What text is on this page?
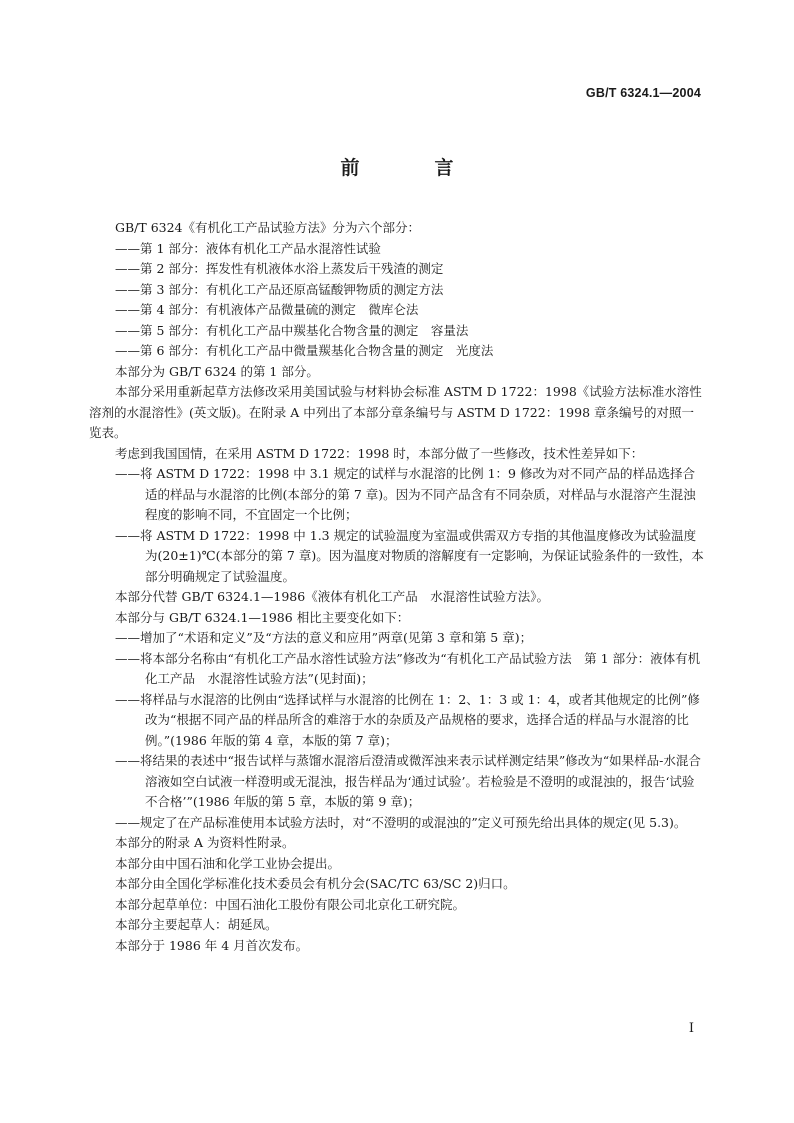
GB/T 6324.1—2004
前　言

GB/T 6324《有机化工产品试验方法》分为六个部分：

——第 1 部分：液体有机化工产品水混溶性试验

——第 2 部分：挥发性有机液体水浴上蒸发后干残渣的测定

——第 3 部分：有机化工产品还原高锰酸钾物质的测定方法

——第 4 部分：有机液体产品微量硫的测定　微库仑法

——第 5 部分：有机化工产品中羰基化合物含量的测定　容量法

——第 6 部分：有机化工产品中微量羰基化合物含量的测定　光度法

本部分为 GB/T 6324 的第 1 部分。

本部分采用重新起草方法修改采用美国试验与材料协会标准 ASTM D 1722：1998《试验方法标准水溶性溶剂的水混溶性》(英文版)。在附录 A 中列出了本部分章条编号与 ASTM D 1722：1998 章条编号的对照一览表。

考虑到我国国情，在采用 ASTM D 1722：1998 时，本部分做了一些修改，技术性差异如下：

——将 ASTM D 1722：1998 中 3.1 规定的试样与水混溶的比例 1：9 修改为对不同产品的样品选择合适的样品与水混溶的比例(本部分的第 7 章)。因为不同产品含有不同杂质，对样品与水混溶产生混浊程度的影响不同，不宜固定一个比例；

——将 ASTM D 1722：1998 中 1.3 规定的试验温度为室温或供需双方专指的其他温度修改为试验温度为(20±1)℃(本部分的第 7 章)。因为温度对物质的溶解度有一定影响，为保证试验条件的一致性，本部分明确规定了试验温度。

本部分代替 GB/T 6324.1—1986《液体有机化工产品　水混溶性试验方法》。

本部分与 GB/T 6324.1—1986 相比主要变化如下：

——增加了“术语和定义”及“方法的意义和应用”两章(见第 3 章和第 5 章)；

——将本部分名称由“有机化工产品水溶性试验方法”修改为“有机化工产品试验方法　第 1 部分：液体有机化工产品　水混溶性试验方法”(见封面)；

——将样品与水混溶的比例由“选择试样与水混溶的比例在 1：2、1：3 或 1：4，或者其他规定的比例”修改为“根据不同产品的样品所含的难溶于水的杂质及产品规格的要求，选择合适的样品与水混溶的比例。”(1986 年版的第 4 章，本版的第 7 章)；

——将结果的表述中“报告试样与蒸馏水混溶后澄清或微浑浊来表示试样测定结果”修改为“如果样品-水混合溶液如空白试液一样澄明或无混浊，报告样品为‘通过试验’。若检验是不澄明的或混浊的，报告‘试验不合格’”(1986 年版的第 5 章，本版的第 9 章)；

——规定了在产品标准使用本试验方法时，对“不澄明的或混浊的”定义可预先给出具体的规定(见 5.3)。

本部分的附录 A 为资料性附录。

本部分由中国石油和化学工业协会提出。

本部分由全国化学标准化技术委员会有机分会(SAC/TC 63/SC 2)归口。

本部分起草单位：中国石油化工股份有限公司北京化工研究院。

本部分主要起草人：胡延凤。

本部分于 1986 年 4 月首次发布。

I
